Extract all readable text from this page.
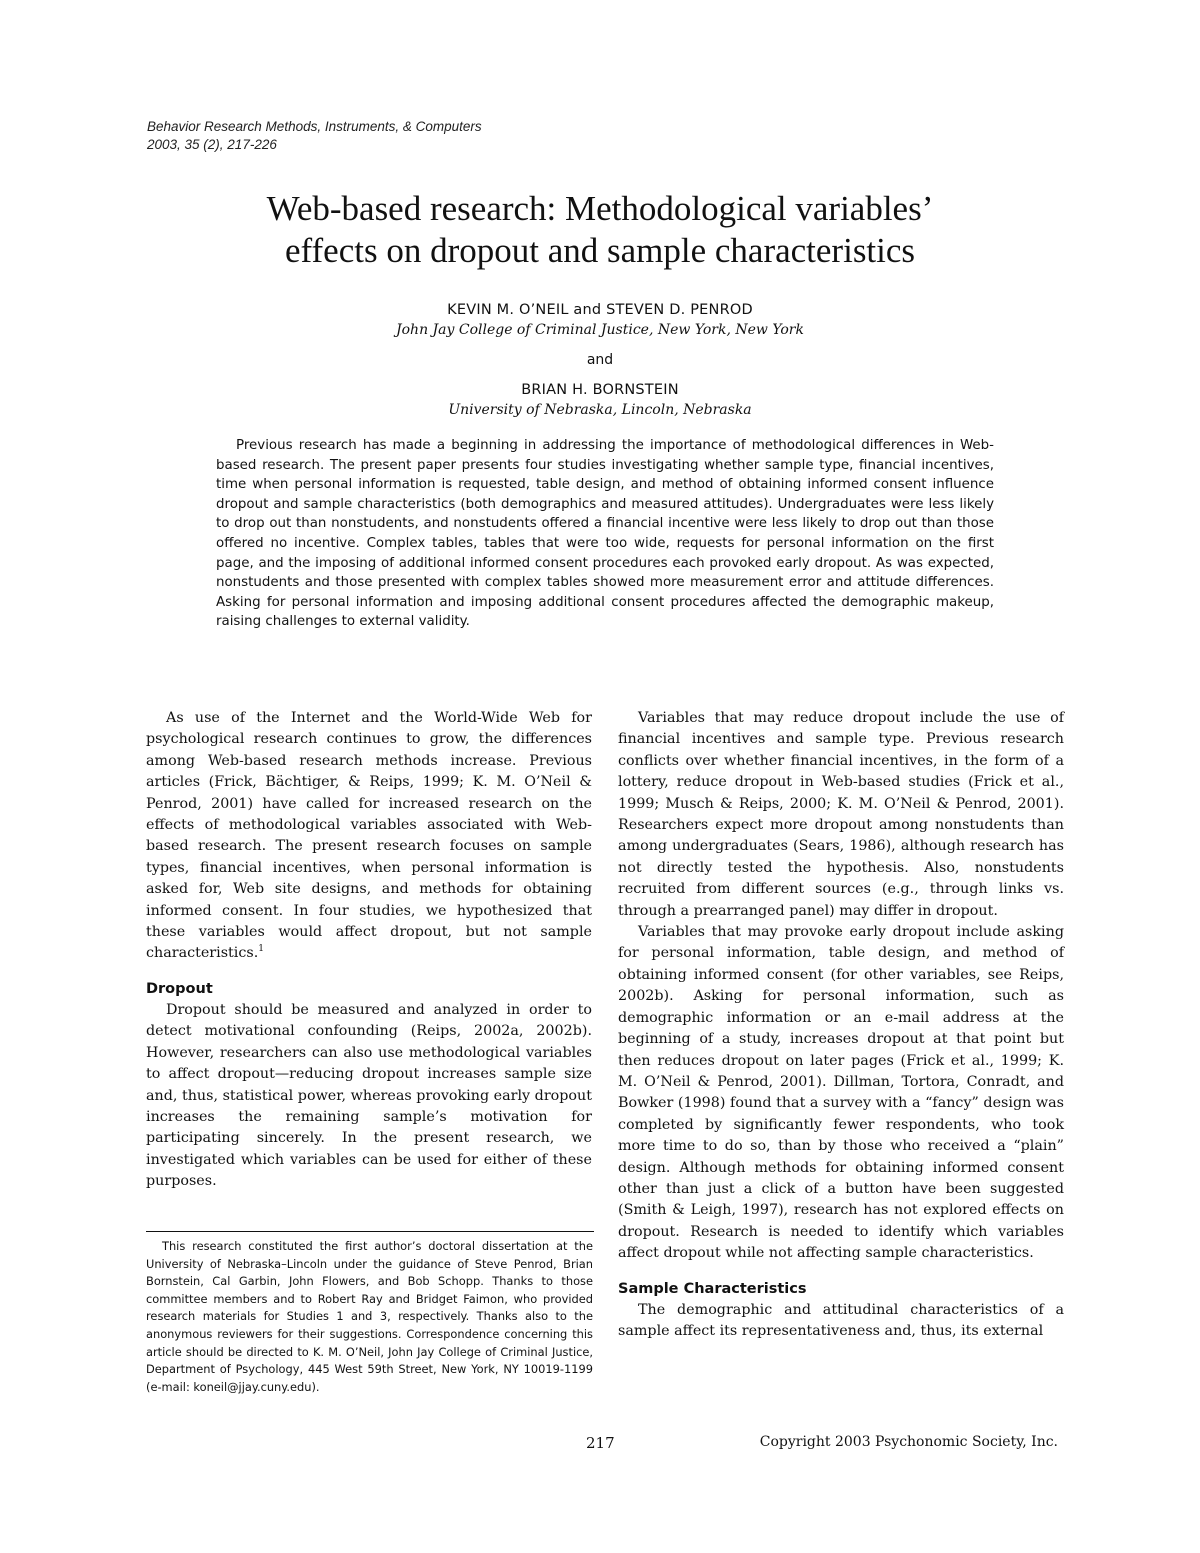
Behavior Research Methods, Instruments, & Computers
2003, 35 (2), 217-226
Web-based research: Methodological variables’
effects on dropout and sample characteristics
KEVIN M. O’NEIL and STEVEN D. PENROD
John Jay College of Criminal Justice, New York, New York
and
BRIAN H. BORNSTEIN
University of Nebraska, Lincoln, Nebraska
Previous research has made a beginning in addressing the importance of methodological differences in Web-based research. The present paper presents four studies investigating whether sample type, financial incentives, time when personal information is requested, table design, and method of obtaining informed consent influence dropout and sample characteristics (both demographics and measured attitudes). Undergraduates were less likely to drop out than nonstudents, and nonstudents offered a financial incentive were less likely to drop out than those offered no incentive. Complex tables, tables that were too wide, requests for personal information on the first page, and the imposing of additional informed consent procedures each provoked early dropout. As was expected, nonstudents and those presented with complex tables showed more measurement error and attitude differences. Asking for personal information and imposing additional consent procedures affected the demographic makeup, raising challenges to external validity.

As use of the Internet and the World-Wide Web for psychological research continues to grow, the differences among Web-based research methods increase. Previous articles (Frick, Bächtiger, & Reips, 1999; K. M. O’Neil & Penrod, 2001) have called for increased research on the effects of methodological variables associated with Web-based research. The present research focuses on sample types, financial incentives, when personal information is asked for, Web site designs, and methods for obtaining informed consent. In four studies, we hypothesized that these variables would affect dropout, but not sample characteristics.$^1$

Dropout

Dropout should be measured and analyzed in order to detect motivational confounding (Reips, 2002a, 2002b). However, researchers can also use methodological variables to affect dropout—reducing dropout increases sample size and, thus, statistical power, whereas provoking early dropout increases the remaining sample’s motivation for participating sincerely. In the present research, we investigated which variables can be used for either of these purposes.

Variables that may reduce dropout include the use of financial incentives and sample type. Previous research conflicts over whether financial incentives, in the form of a lottery, reduce dropout in Web-based studies (Frick et al., 1999; Musch & Reips, 2000; K. M. O’Neil & Penrod, 2001). Researchers expect more dropout among nonstudents than among undergraduates (Sears, 1986), although research has not directly tested the hypothesis. Also, nonstudents recruited from different sources (e.g., through links vs. through a prearranged panel) may differ in dropout.

Variables that may provoke early dropout include asking for personal information, table design, and method of obtaining informed consent (for other variables, see Reips, 2002b). Asking for personal information, such as demographic information or an e-mail address at the beginning of a study, increases dropout at that point but then reduces dropout on later pages (Frick et al., 1999; K. M. O’Neil & Penrod, 2001). Dillman, Tortora, Conradt, and Bowker (1998) found that a survey with a “fancy” design was completed by significantly fewer respondents, who took more time to do so, than by those who received a “plain” design. Although methods for obtaining informed consent other than just a click of a button have been suggested (Smith & Leigh, 1997), research has not explored effects on dropout. Research is needed to identify which variables affect dropout while not affecting sample characteristics.

Sample Characteristics

The demographic and attitudinal characteristics of a sample affect its representativeness and, thus, its external

This research constituted the first author’s doctoral dissertation at the University of Nebraska–Lincoln under the guidance of Steve Penrod, Brian Bornstein, Cal Garbin, John Flowers, and Bob Schopp. Thanks to those committee members and to Robert Ray and Bridget Faimon, who provided research materials for Studies 1 and 3, respectively. Thanks also to the anonymous reviewers for their suggestions. Correspondence concerning this article should be directed to K. M. O’Neil, John Jay College of Criminal Justice, Department of Psychology, 445 West 59th Street, New York, NY 10019-1199 (e-mail: koneil@jjay.cuny.edu).
217	Copyright 2003 Psychonomic Society, Inc.
